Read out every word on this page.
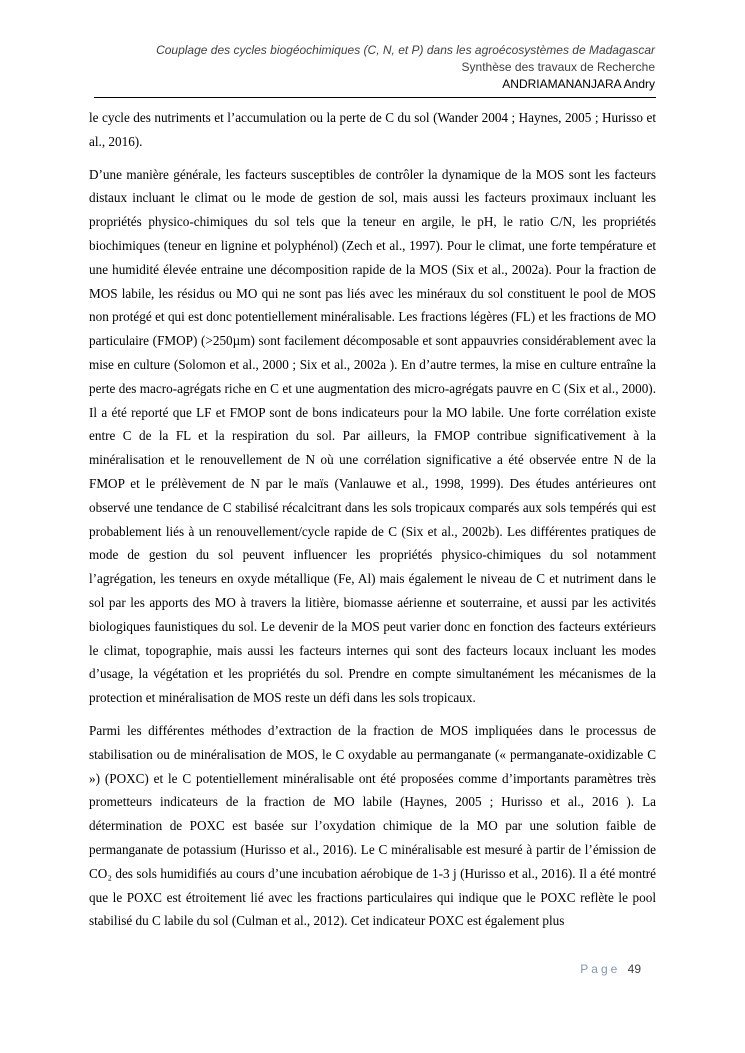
Couplage des cycles biogéochimiques (C, N, et P) dans les agroécosystèmes de Madagascar
Synthèse des travaux de Recherche
ANDRIAMANANJARA Andry

le cycle des nutriments et l’accumulation ou la perte de C du sol (Wander 2004 ; Haynes, 2005 ; Hurisso et al., 2016).

D’une manière générale, les facteurs susceptibles de contrôler la dynamique de la MOS sont les facteurs distaux incluant le climat ou le mode de gestion de sol, mais aussi les facteurs proximaux incluant les propriétés physico-chimiques du sol tels que la teneur en argile, le pH, le ratio C/N, les propriétés biochimiques (teneur en lignine et polyphénol) (Zech et al., 1997). Pour le climat, une forte température et une humidité élevée entraine une décomposition rapide de la MOS (Six et al., 2002a). Pour la fraction de MOS labile, les résidus ou MO qui ne sont pas liés avec les minéraux du sol constituent le pool de MOS non protégé et qui est donc potentiellement minéralisable. Les fractions légères (FL) et les fractions de MO particulaire (FMOP) (>250µm) sont facilement décomposable et sont appauvries considérablement avec la mise en culture (Solomon et al., 2000 ; Six et al., 2002a ). En d’autre termes, la mise en culture entraîne la perte des macro-agrégats riche en C et une augmentation des micro-agrégats pauvre en C (Six et al., 2000). Il a été reporté que LF et FMOP sont de bons indicateurs pour la MO labile. Une forte corrélation existe entre C de la FL et la respiration du sol. Par ailleurs, la FMOP contribue significativement à la minéralisation et le renouvellement de N où une corrélation significative a été observée entre N de la FMOP et le prélèvement de N par le maïs (Vanlauwe et al., 1998, 1999). Des études antérieures ont observé une tendance de C stabilisé récalcitrant dans les sols tropicaux comparés aux sols tempérés qui est probablement liés à un renouvellement/cycle rapide de C (Six et al., 2002b). Les différentes pratiques de mode de gestion du sol peuvent influencer les propriétés physico-chimiques du sol notamment l’agrégation, les teneurs en oxyde métallique (Fe, Al) mais également le niveau de C et nutriment dans le sol par les apports des MO à travers la litière, biomasse aérienne et souterraine, et aussi par les activités biologiques faunistiques du sol. Le devenir de la MOS peut varier donc en fonction des facteurs extérieurs le climat, topographie, mais aussi les facteurs internes qui sont des facteurs locaux incluant les modes d’usage, la végétation et les propriétés du sol. Prendre en compte simultanément les mécanismes de la protection et minéralisation de MOS reste un défi dans les sols tropicaux.

Parmi les différentes méthodes d’extraction de la fraction de MOS impliquées dans le processus de stabilisation ou de minéralisation de MOS, le C oxydable au permanganate (« permanganate-oxidizable C ») (POXC) et le C potentiellement minéralisable ont été proposées comme d’importants paramètres très prometteurs indicateurs de la fraction de MO labile (Haynes, 2005 ; Hurisso et al., 2016 ). La détermination de POXC est basée sur l’oxydation chimique de la MO par une solution faible de permanganate de potassium (Hurisso et al., 2016). Le C minéralisable est mesuré à partir de l’émission de CO₂ des sols humidifiés au cours d’une incubation aérobique de 1-3 j (Hurisso et al., 2016). Il a été montré que le POXC est étroitement lié avec les fractions particulaires qui indique que le POXC reflète le pool stabilisé du C labile du sol (Culman et al., 2012). Cet indicateur POXC est également plus

Page 49
